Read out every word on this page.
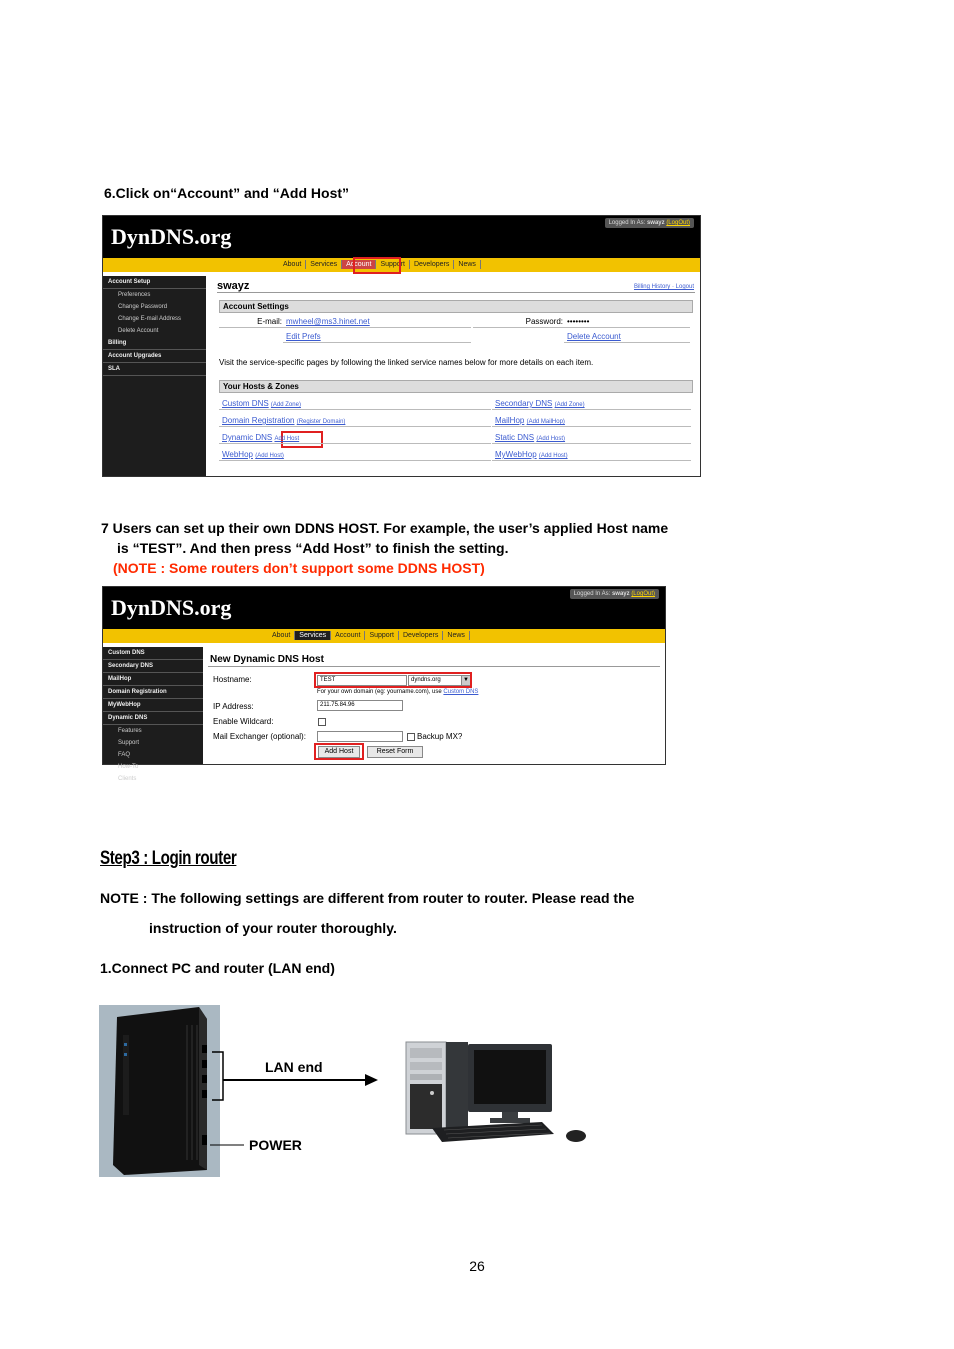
6.Click on“Account” and “Add Host”
DynDNS.org
Logged In As: swayz (LogOut)
About	Services	Account	Support	Developers	News
Account Setup
Preferences
Change Password
Change E-mail Address
Delete Account
Billing
Account Upgrades
SLA
swayz	Billing History · Logout
Account Settings
E-mail: mwheel@ms3.hinet.net	Password: ••••••••
Edit Prefs	Delete Account
Visit the service-specific pages by following the linked service names below for more details on each item.
Your Hosts & Zones
Custom DNS (Add Zone)	Secondary DNS (Add Zone)
Domain Registration (Register Domain)	MailHop (Add MailHop)
Dynamic DNS Add Host	Static DNS (Add Host)
WebHop (Add Host)	MyWebHop (Add Host)
7 Users can set up their own DDNS HOST. For example, the user’s applied Host name
is “TEST”. And then press “Add Host” to finish the setting.
(NOTE : Some routers don’t support some DDNS HOST)
DynDNS.org
Logged In As: swayz (LogOut)
About	Services	Account	Support	Developers	News
Custom DNS
Secondary DNS
MailHop
Domain Registration
MyWebHop
Dynamic DNS
Features
Support
FAQ
How-To
Clients
New Dynamic DNS Host
Hostname:	TEST	dyndns.org	▼
For your own domain (eg: yourname.com), use Custom DNS
IP Address:	211.75.84.96
Enable Wildcard:
Mail Exchanger (optional):	Backup MX?
Add Host	Reset Form
Step3 : Login router
NOTE : The following settings are different from router to router. Please read the
instruction of your router thoroughly.
1.Connect PC and router (LAN end)
LAN end
POWER
26
